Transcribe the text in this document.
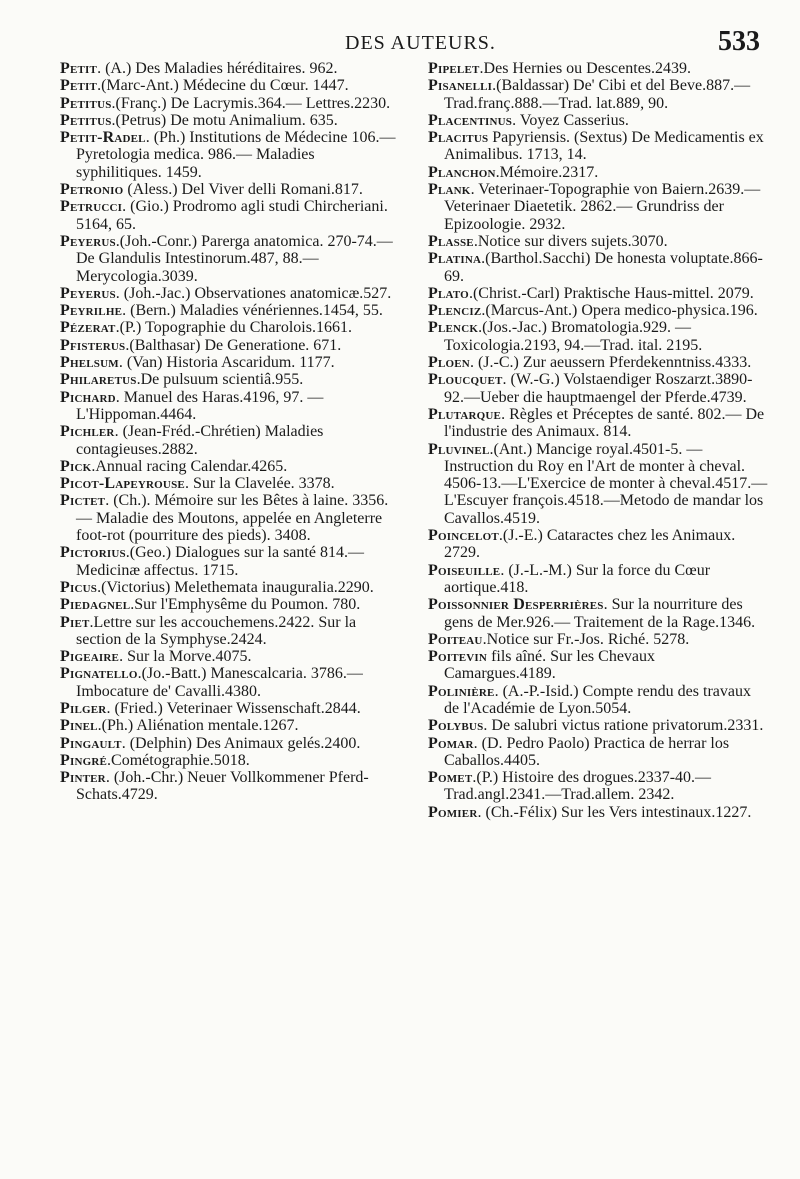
DES AUTEURS.	533

Petit. (A.) Des Maladies héréditaires. 962.

Petit.(Marc-Ant.) Médecine du Cœur. 1447.

Petitus.(Franç.) De Lacrymis.364.— Lettres.2230.

Petitus.(Petrus) De motu Animalium. 635.

Petit-Radel. (Ph.) Institutions de Médecine 106.—Pyretologia medica. 986.— Maladies syphilitiques. 1459.

Petronio (Aless.) Del Viver delli Romani.817.

Petrucci. (Gio.) Prodromo agli studi Chircheriani. 5164, 65.

Peyerus.(Joh.-Conr.) Parerga anatomica. 270-74.—De Glandulis Intestinorum.487, 88.—Merycologia.3039.

Peyerus. (Joh.-Jac.) Observationes anatomicæ.527.

Peyrilhe. (Bern.) Maladies vénériennes.1454, 55.

Pézerat.(P.) Topographie du Charolois.1661.

Pfisterus.(Balthasar) De Generatione. 671.

Phelsum. (Van) Historia Ascaridum. 1177.

Philaretus.De pulsuum scientiâ.955.

Pichard. Manuel des Haras.4196, 97. —L'Hippoman.4464.

Pichler. (Jean-Fréd.-Chrétien) Maladies contagieuses.2882.

Pick.Annual racing Calendar.4265.

Picot-Lapeyrouse. Sur la Clavelée. 3378.

Pictet. (Ch.). Mémoire sur les Bêtes à laine. 3356. — Maladie des Moutons, appelée en Angleterre foot-rot (pourriture des pieds). 3408.

Pictorius.(Geo.) Dialogues sur la santé 814.—Medicinæ affectus. 1715.

Picus.(Victorius) Melethemata inauguralia.2290.

Piedagnel.Sur l'Emphysême du Poumon. 780.

Piet.Lettre sur les accouchemens.2422. Sur la section de la Symphyse.2424.

Pigeaire. Sur la Morve.4075.

Pignatello.(Jo.-Batt.) Manescalcaria. 3786.—Imbocature de' Cavalli.4380.

Pilger. (Fried.) Veterinaer Wissenschaft.2844.

Pinel.(Ph.) Aliénation mentale.1267.

Pingault. (Delphin) Des Animaux gelés.2400.

Pingré.Cométographie.5018.

Pinter. (Joh.-Chr.) Neuer Vollkommener Pferd-Schats.4729.

Pipelet.Des Hernies ou Descentes.2439.

Pisanelli.(Baldassar) De' Cibi et del Beve.887.—Trad.franç.888.—Trad. lat.889, 90.

Placentinus. Voyez Casserius.

Placitus Papyriensis. (Sextus) De Medicamentis ex Animalibus. 1713, 14.

Planchon.Mémoire.2317.

Plank. Veterinaer-Topographie von Baiern.2639.—Veterinaer Diaetetik. 2862.— Grundriss der Epizoologie. 2932.

Plasse.Notice sur divers sujets.3070.

Platina.(Barthol.Sacchi) De honesta voluptate.866-69.

Plato.(Christ.-Carl) Praktische Haus-mittel. 2079.

Plenciz.(Marcus-Ant.) Opera medico-physica.196.

Plenck.(Jos.-Jac.) Bromatologia.929. — Toxicologia.2193, 94.—Trad. ital. 2195.

Ploen. (J.-C.) Zur aeussern Pferdekenntniss.4333.

Ploucquet. (W.-G.) Volstaendiger Roszarzt.3890-92.—Ueber die hauptmaengel der Pferde.4739.

Plutarque. Règles et Préceptes de santé. 802.— De l'industrie des Animaux. 814.

Pluvinel.(Ant.) Mancige royal.4501-5. —Instruction du Roy en l'Art de monter à cheval. 4506-13.—L'Exercice de monter à cheval.4517.— L'Escuyer françois.4518.—Metodo de mandar los Cavallos.4519.

Poincelot.(J.-E.) Cataractes chez les Animaux. 2729.

Poiseuille. (J.-L.-M.) Sur la force du Cœur aortique.418.

Poissonnier Desperrières. Sur la nourriture des gens de Mer.926.— Traitement de la Rage.1346.

Poiteau.Notice sur Fr.-Jos. Riché. 5278.

Poitevin fils aîné. Sur les Chevaux Camargues.4189.

Polinière. (A.-P.-Isid.) Compte rendu des travaux de l'Académie de Lyon.5054.

Polybus. De salubri victus ratione privatorum.2331.

Pomar. (D. Pedro Paolo) Practica de herrar los Caballos.4405.

Pomet.(P.) Histoire des drogues.2337-40.—Trad.angl.2341.—Trad.allem. 2342.

Pomier. (Ch.-Félix) Sur les Vers intestinaux.1227.
